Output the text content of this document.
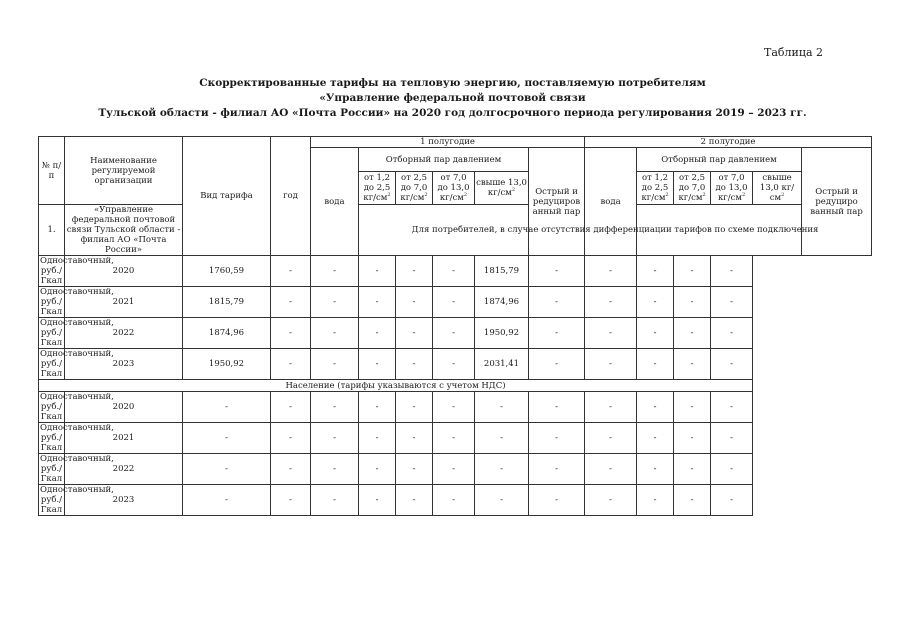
Таблица 2
Скорректированные тарифы на тепловую энергию, поставляемую потребителям
«Управление федеральной почтовой связи
Тульской области - филиал АО «Почта России» на 2020 год долгосрочного периода регулирования 2019 – 2023 гг.
№ п/п	Наименование регулируемой организации	Вид тарифа	год	1 полугодие						2 полугодие					
				вода	Отборный пар давлением				Острый и редуциров анный пар	вода	Отборный пар давлением				Острый и редуциро ванный пар
					от 1,2 до 2,5 $кг/см^2$	от 2,5 до 7,0 $кг/см^2$	от 7,0 до 13,0 $кг/см^2$	свыше 13,0 $кг/см^2$			от 1,2 до 2,5 $кг/см^2$	от 2,5 до 7,0 $кг/см^2$	от 7,0 до 13,0 $кг/см^2$	свыше 13,0 $кг/см^2$
1.	«Управление федеральной почтовой связи Тульской области - филиал АО «Почта России»				Для потребителей, в случае отсутствия дифференциации тарифов по схеме подключения										
Одноставочный, руб./Гкал	2020	1760,59	-	-	-	-	-	1815,79	-	-	-	-	-		
Одноставочный, руб./Гкал	2021	1815,79	-	-	-	-	-	1874,96	-	-	-	-	-		
Одноставочный, руб./Гкал	2022	1874,96	-	-	-	-	-	1950,92	-	-	-	-	-		
Одноставочный, руб./Гкал	2023	1950,92	-	-	-	-	-	2031,41	-	-	-	-	-		
Население (тарифы указываются с учетом НДС)															
Одноставочный, руб./Гкал	2020	-	-	-	-	-	-	-	-	-	-	-	-		
Одноставочный, руб./Гкал	2021	-	-	-	-	-	-	-	-	-	-	-	-		
Одноставочный, руб./Гкал	2022	-	-	-	-	-	-	-	-	-	-	-	-		
Одноставочный, руб./Гкал	2023	-	-	-	-	-	-	-	-	-	-	-	-		
